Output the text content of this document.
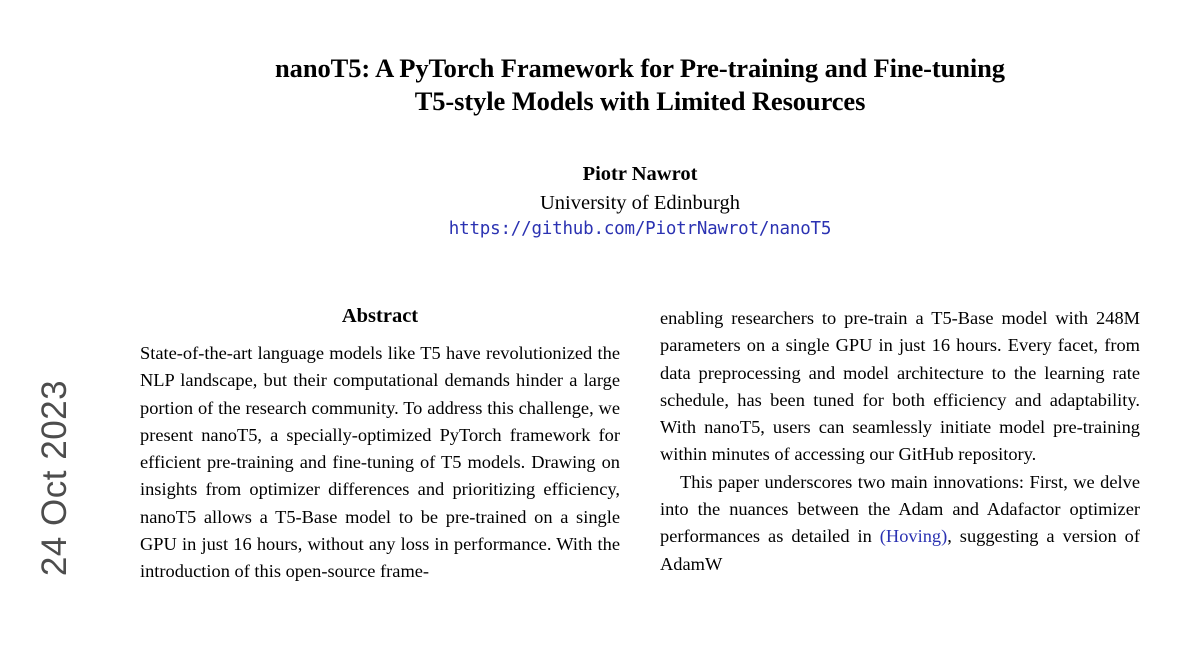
24 Oct 2023
nanoT5: A PyTorch Framework for Pre-training and Fine-tuning
T5-style Models with Limited Resources
Piotr Nawrot
University of Edinburgh
https://github.com/PiotrNawrot/nanoT5
Abstract

State-of-the-art language models like T5 have revolutionized the NLP landscape, but their computational demands hinder a large portion of the research community. To address this challenge, we present nanoT5, a specially-optimized PyTorch framework for efficient pre-training and fine-tuning of T5 models. Drawing on insights from optimizer differences and prioritizing efficiency, nanoT5 allows a T5-Base model to be pre-trained on a single GPU in just 16 hours, without any loss in performance. With the introduction of this open-source frame-

enabling researchers to pre-train a T5-Base model with 248M parameters on a single GPU in just 16 hours. Every facet, from data preprocessing and model architecture to the learning rate schedule, has been tuned for both efficiency and adaptability. With nanoT5, users can seamlessly initiate model pre-training within minutes of accessing our GitHub repository.

This paper underscores two main innovations: First, we delve into the nuances between the Adam and Adafactor optimizer performances as detailed in (Hoving), suggesting a version of AdamW
